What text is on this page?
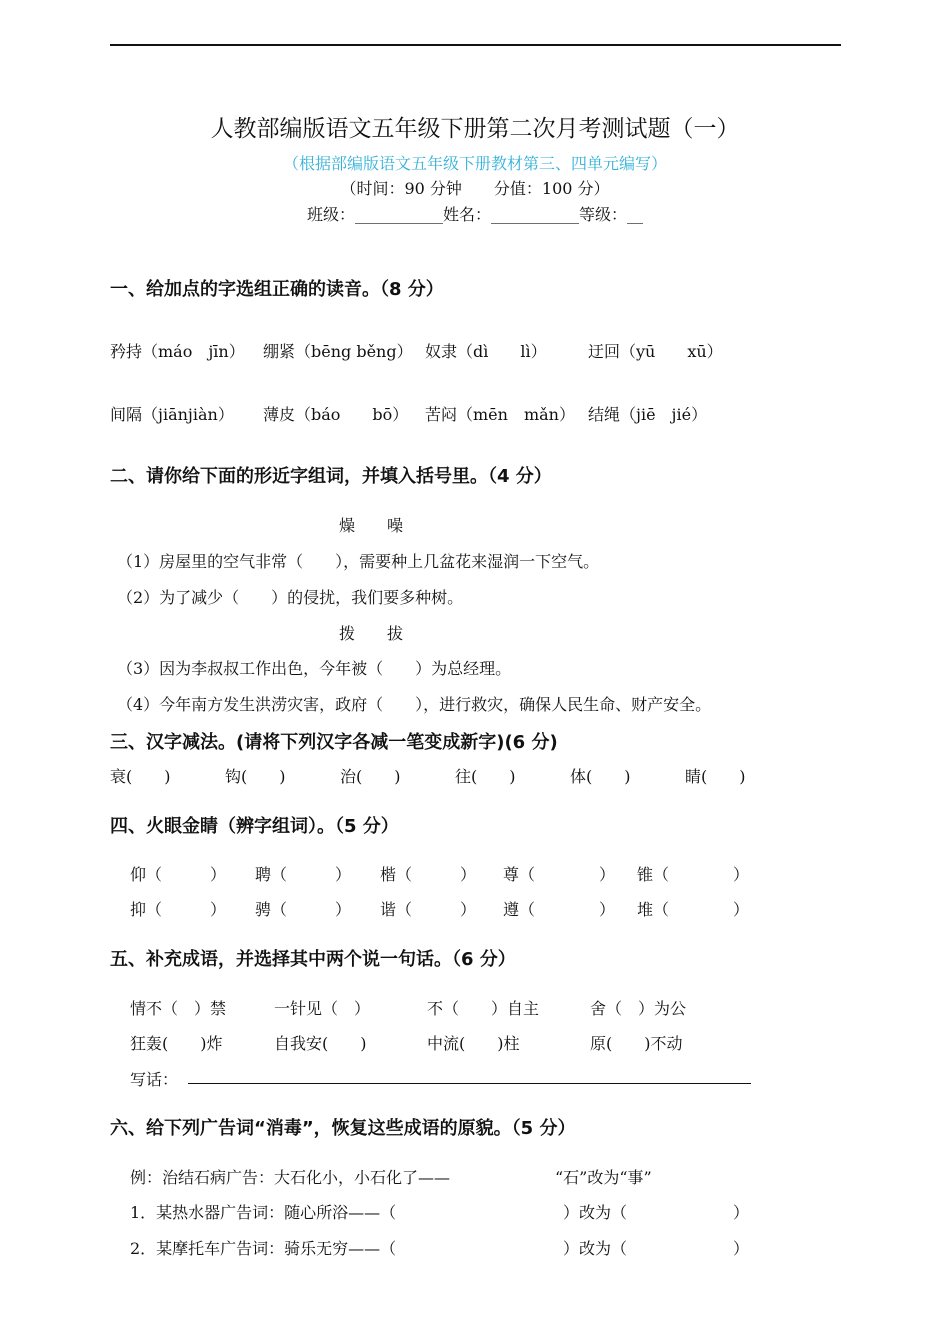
人教部编版语文五年级下册第二次月考测试题（一）
（根据部编版语文五年级下册教材第三、四单元编写）
（时间：90 分钟　　分值：100 分）
班级：___________姓名：___________等级：__
一、给加点的字选组正确的读音。（8 分）
矜持（máo　jīn） 绷紧（bēng běng） 奴隶（dì　　lì）	迂回（yū　　xū）
间隔（jiānjiàn） 薄皮（báo　　bō） 苦闷（mēn　mǎn） 结绳（jiē　jié）
二、请你给下面的形近字组词，并填入括号里。（4 分）
燥　　噪
（1）房屋里的空气非常（　　），需要种上几盆花来湿润一下空气。
（2）为了减少（　　）的侵扰，我们要多种树。
拨　　拔
（3）因为李叔叔工作出色，今年被（　　）为总经理。
（4）今年南方发生洪涝灾害，政府（　　），进行救灾，确保人民生命、财产安全。
三、汉字减法。(请将下列汉字各减一笔变成新字)(6 分)
衰(　　)	钩(　　)	治(　　)	往(　　)	体(　　)	睛(　　)
四、火眼金睛（辨字组词）。（5 分）
仰（　　　） 聘（　　　） 楷（　　　） 尊（　　　　） 锥（　　　　）
抑（　　　） 骋（　　　） 谐（　　　） 遵（　　　　） 堆（　　　　）
五、补充成语，并选择其中两个说一句话。（6 分）
情不（　）禁	一针见（　）	不（　　）自主	舍（　）为公
狂轰(　　)炸	自我安(　　)	中流(　　)柱	原(　　)不动
写话：
六、给下列广告词“消毒”，恢复这些成语的原貌。（5 分）
例：治结石病广告：大石化小，小石化了——	“石”改为“事”
1．某热水器广告词：随心所浴——（	）改为（	）
2．某摩托车广告词：骑乐无穷——（	）改为（	）
